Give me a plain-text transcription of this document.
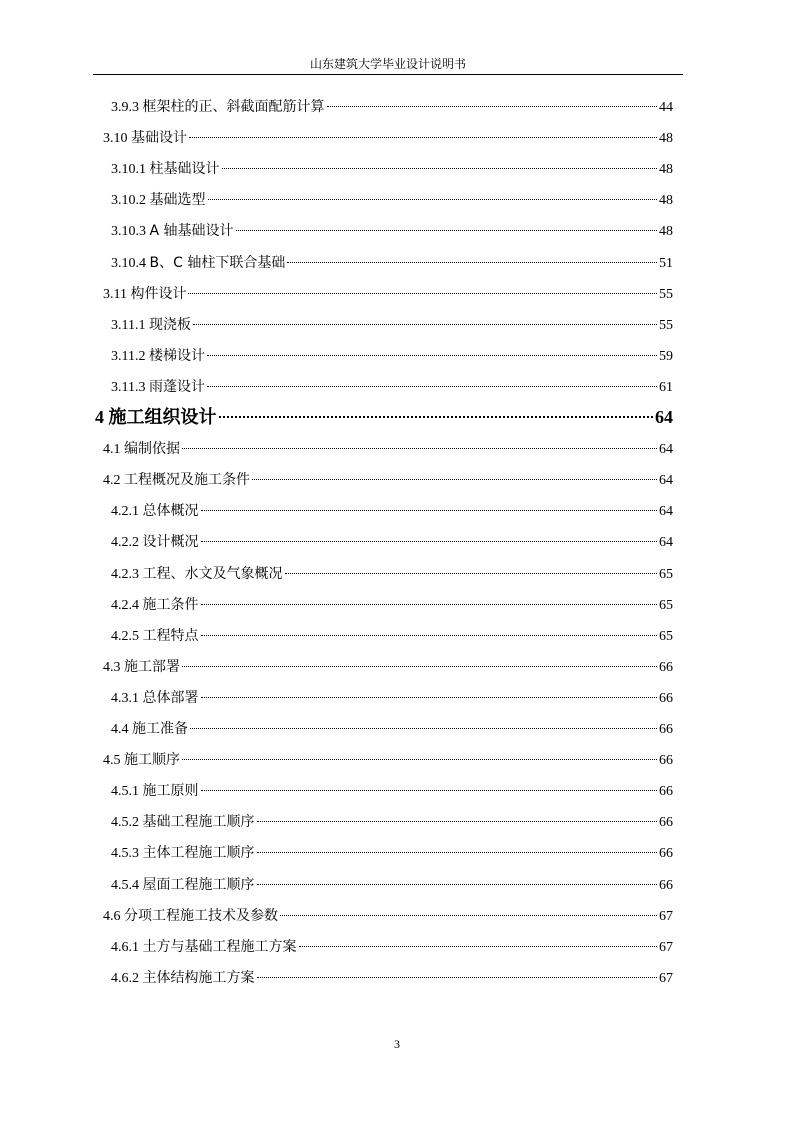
山东建筑大学毕业设计说明书
3.9.3 框架柱的正、斜截面配筋计算	44
3.10 基础设计	48
3.10.1 柱基础设计	48
3.10.2 基础选型	48
3.10.3 A 轴基础设计	48
3.10.4 B、C 轴柱下联合基础	51
3.11 构件设计	55
3.11.1 现浇板	55
3.11.2 楼梯设计	59
3.11.3 雨蓬设计	61
4 施工组织设计	64
4.1 编制依据	64
4.2 工程概况及施工条件	64
4.2.1 总体概况	64
4.2.2 设计概况	64
4.2.3 工程、水文及气象概况	65
4.2.4 施工条件	65
4.2.5 工程特点	65
4.3 施工部署	66
4.3.1 总体部署	66
4.4 施工准备	66
4.5 施工顺序	66
4.5.1 施工原则	66
4.5.2 基础工程施工顺序	66
4.5.3 主体工程施工顺序	66
4.5.4 屋面工程施工顺序	66
4.6 分项工程施工技术及参数	67
4.6.1 土方与基础工程施工方案	67
4.6.2 主体结构施工方案	67
3
